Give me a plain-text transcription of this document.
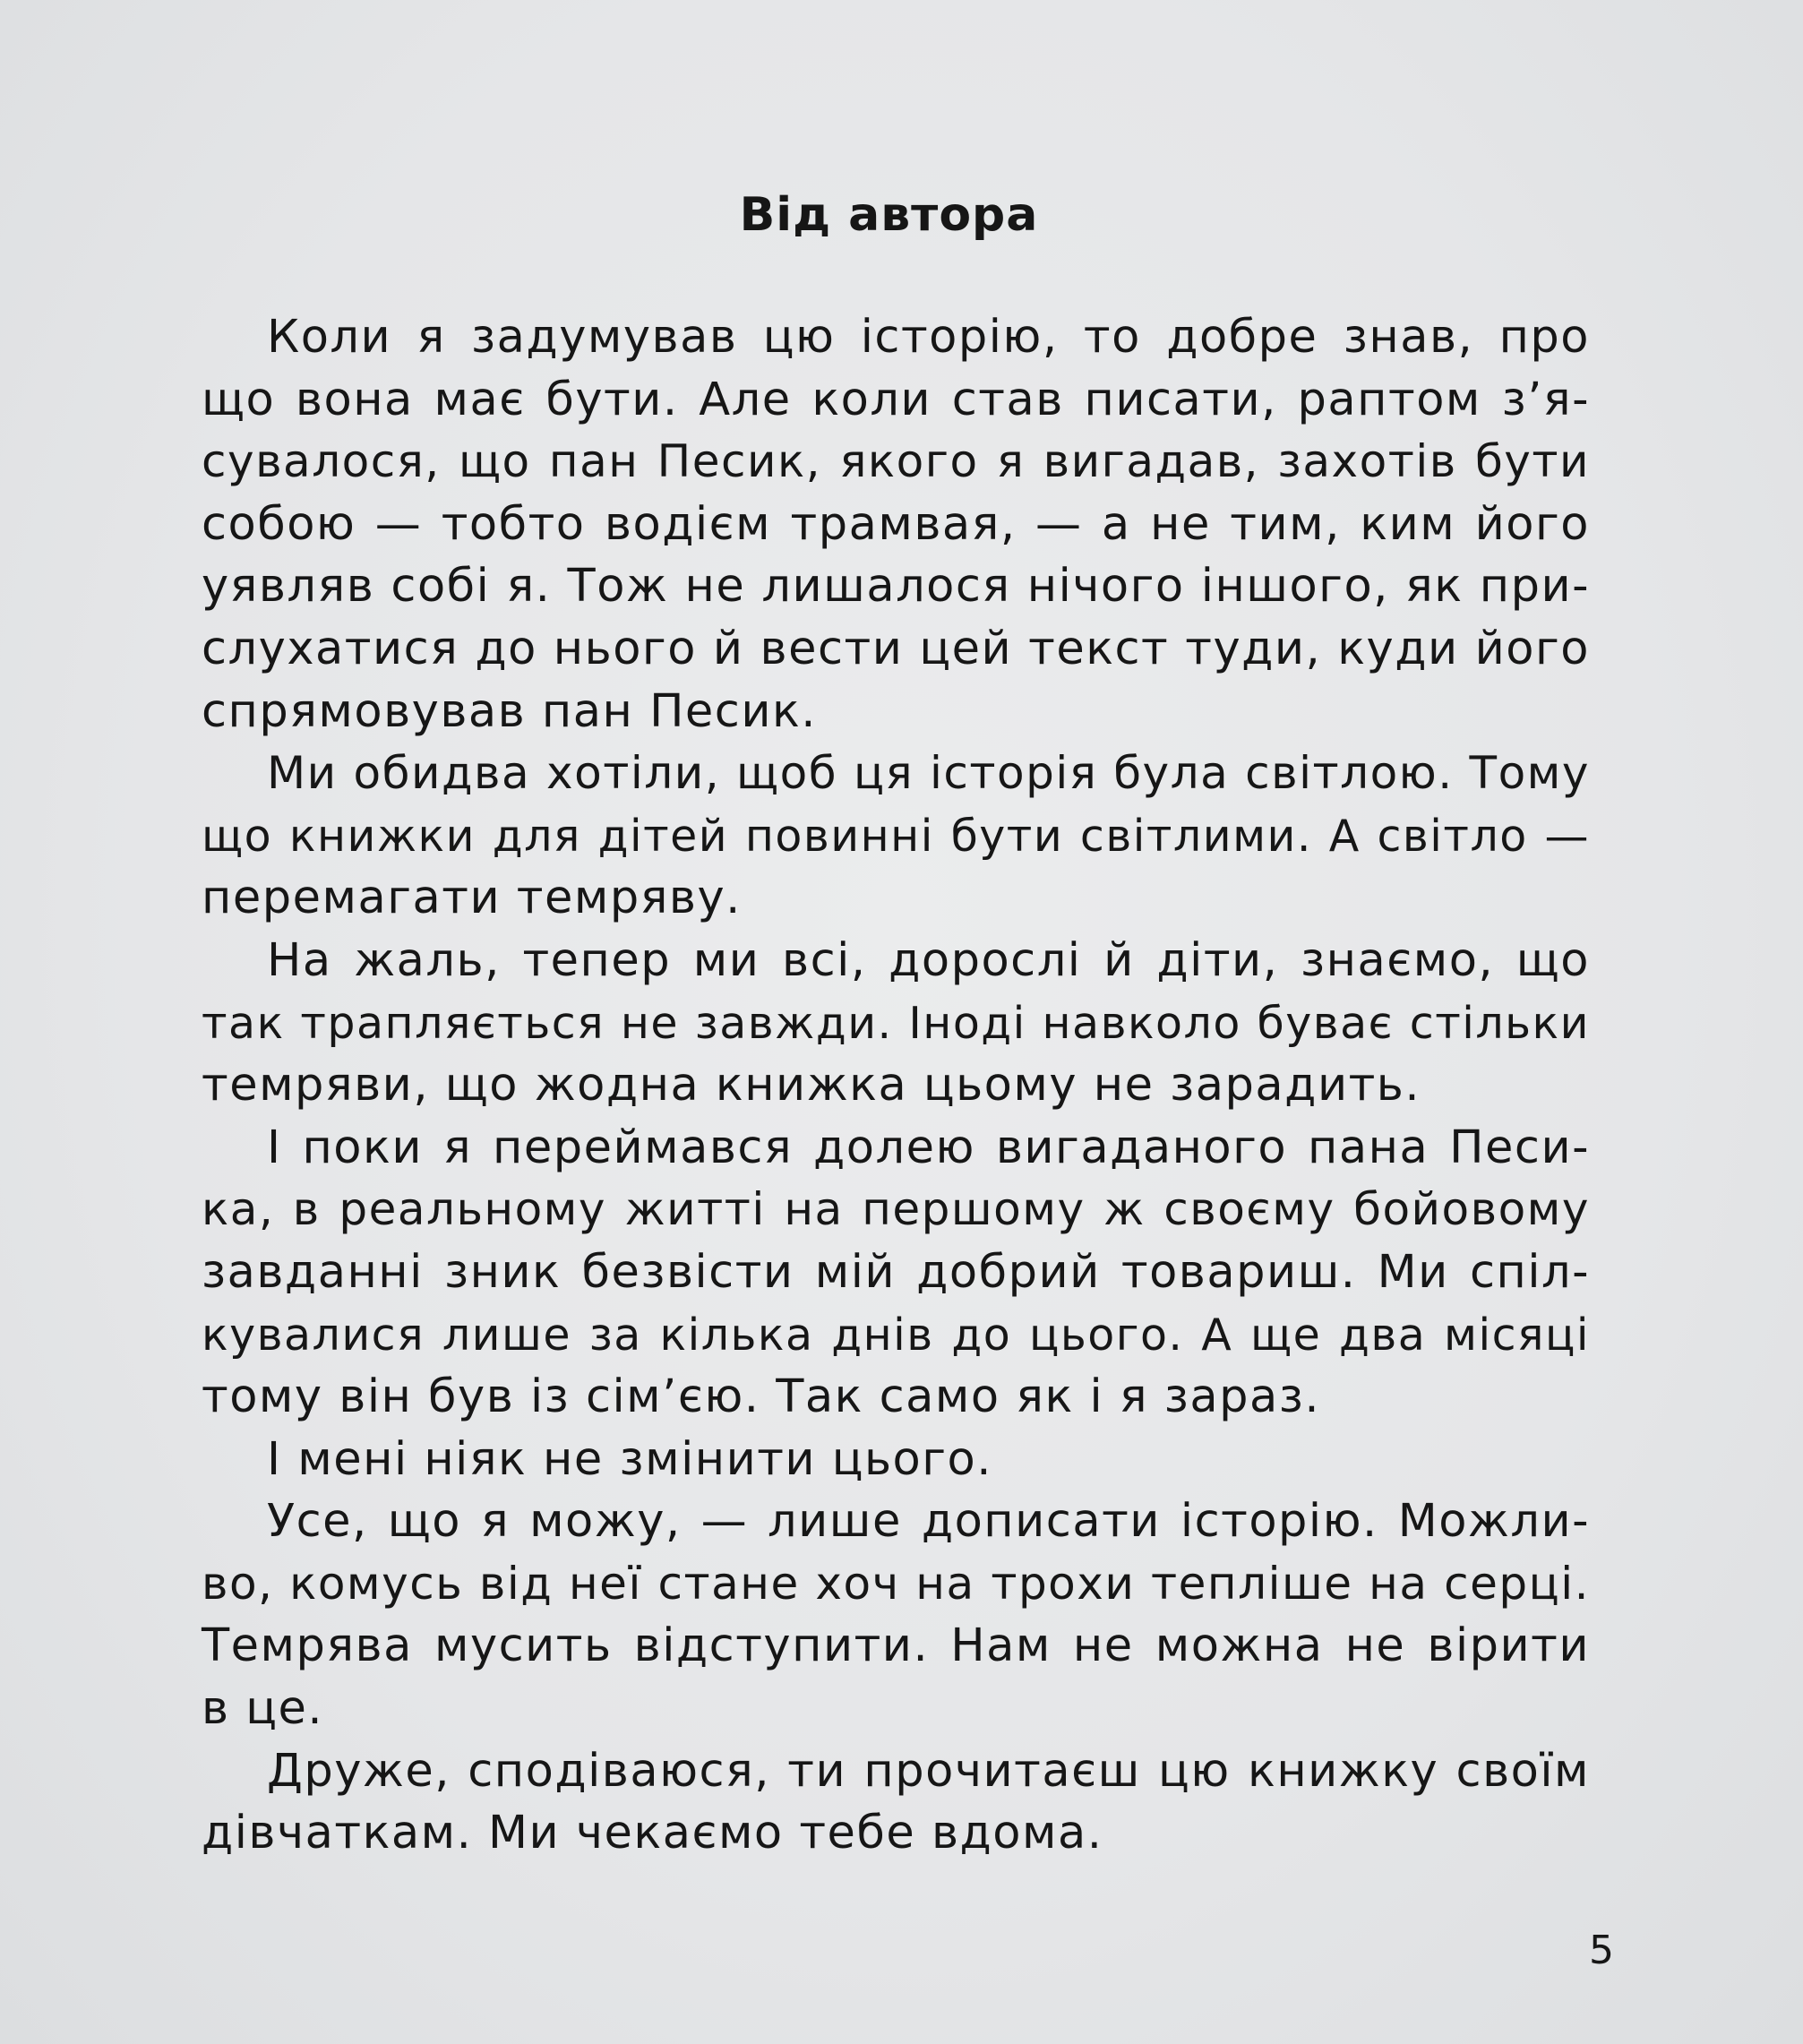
Від автора
Коли я задумував цю історію, то добре знав, про
що вона має бути. Але коли став писати, раптом з’я-
сувалося, що пан Песик, якого я вигадав, захотів бути
собою — тобто водієм трамвая, — а не тим, ким його
уявляв собі я. Тож не лишалося нічого іншого, як при-
слухатися до нього й вести цей текст туди, куди його
спрямовував пан Песик.
Ми обидва хотіли, щоб ця історія була світлою. Тому
що книжки для дітей повинні бути світлими. А світло —
перемагати темряву.
На жаль, тепер ми всі, дорослі й діти, знаємо, що
так трапляється не завжди. Іноді навколо буває стільки
темряви, що жодна книжка цьому не зарадить.
І поки я переймався долею вигаданого пана Песи-
ка, в реальному житті на першому ж своєму бойовому
завданні зник безвісти мій добрий товариш. Ми спіл-
кувалися лише за кілька днів до цього. А ще два місяці
тому він був із сім’єю. Так само як і я зараз.
І мені ніяк не змінити цього.
Усе, що я можу, — лише дописати історію. Можли-
во, комусь від неї стане хоч на трохи тепліше на серці.
Темрява мусить відступити. Нам не можна не вірити
в це.
Друже, сподіваюся, ти прочитаєш цю книжку своїм
дівчаткам. Ми чекаємо тебе вдома.
5
